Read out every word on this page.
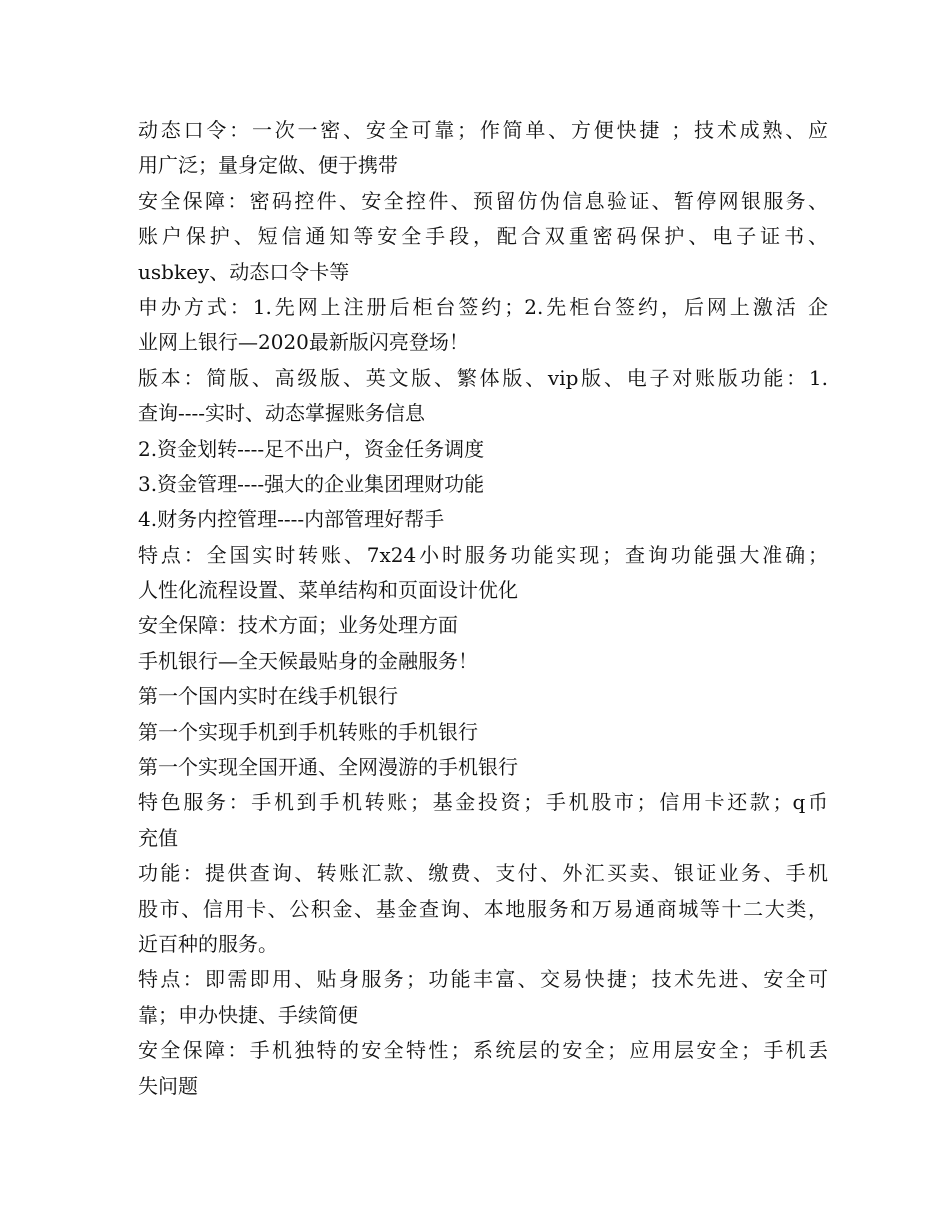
动态口令：一次一密、安全可靠；作简单、方便快捷 ；技术成熟、应
用广泛；量身定做、便于携带
安全保障：密码控件、安全控件、预留仿伪信息验证、暂停网银服务、
账户保护、短信通知等安全手段，配合双重密码保护、电子证书、
usbkey、动态口令卡等
申办方式：1.先网上注册后柜台签约；2.先柜台签约，后网上激活 企
业网上银行—2020最新版闪亮登场！
版本：简版、高级版、英文版、繁体版、vip版、电子对账版功能：1.
查询----实时、动态掌握账务信息
2.资金划转----足不出户，资金任务调度
3.资金管理----强大的企业集团理财功能
4.财务内控管理----内部管理好帮手
特点：全国实时转账、7x24小时服务功能实现；查询功能强大准确；
人性化流程设置、菜单结构和页面设计优化
安全保障：技术方面；业务处理方面
手机银行—全天候最贴身的金融服务！
第一个国内实时在线手机银行
第一个实现手机到手机转账的手机银行
第一个实现全国开通、全网漫游的手机银行
特色服务：手机到手机转账；基金投资；手机股市；信用卡还款；q币
充值
功能：提供查询、转账汇款、缴费、支付、外汇买卖、银证业务、手机
股市、信用卡、公积金、基金查询、本地服务和万易通商城等十二大类，
近百种的服务。
特点：即需即用、贴身服务；功能丰富、交易快捷；技术先进、安全可
靠；申办快捷、手续简便
安全保障：手机独特的安全特性；系统层的安全；应用层安全；手机丢
失问题
